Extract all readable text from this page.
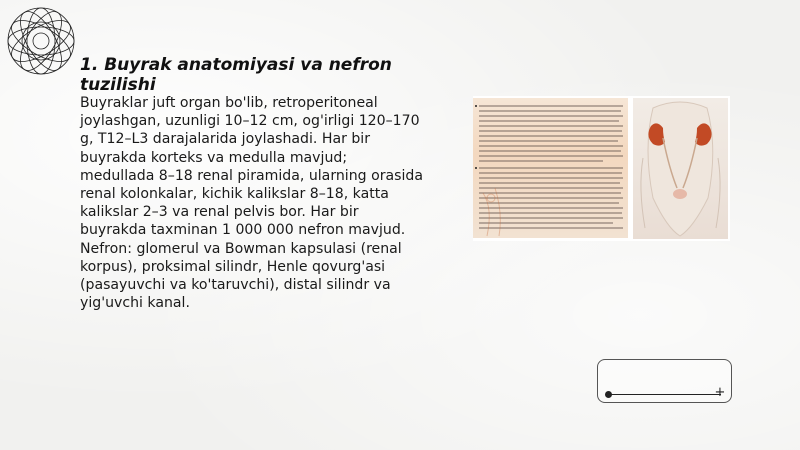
1. Buyrak anatomiyasi va nefron tuzilishi
Buyraklar juft organ bo'lib, retroperitoneal joylashgan, uzunligi 10–12 cm, og'irligi 120–170 g, T12–L3 darajalarida joylashadi. Har bir buyrakda korteks va medulla mavjud; medullada 8–18 renal piramida, ularning orasida renal kolonkalar, kichik kalikslar 8–18, katta kalikslar 2–3 va renal pelvis bor. Har bir buyrakda taxminan 1 000 000 nefron mavjud. Nefron: glomerul va Bowman kapsulasi (renal korpus), proksimal silindr, Henle qovurg'asi (pasayuvchi va ko'taruvchi), distal silindr va yig'uvchi kanal.
+
